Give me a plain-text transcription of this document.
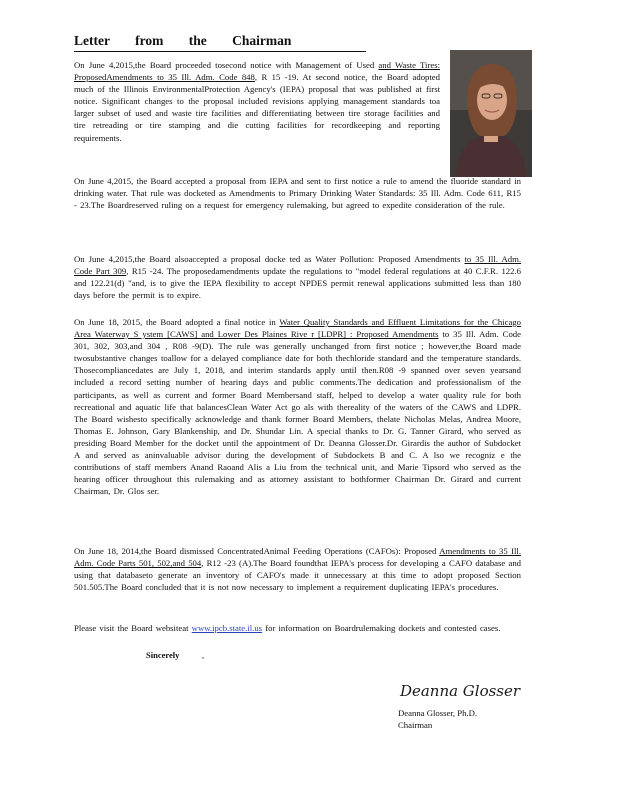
Letter from the Chairman

On June 4,2015,the Board proceeded tosecond notice with Management of Used and Waste Tires: ProposedAmendments to 35 Ill. Adm. Code 848, R 15 -19. At second notice, the Board adopted much of the Illinois EnvironmentalProtection Agency's (IEPA) proposal that was published at first notice. Significant changes to the proposal included revisions applying management standards toa larger subset of used and waste tire facilities and differentiating between tire storage facilities and tire retreading or tire stamping and die cutting facilities for recordkeeping and reporting requirements.

On June 4,2015, the Board accepted a proposal from IEPA and sent to first notice a rule to amend the fluoride standard in drinking water. That rule was docketed as Amendments to Primary Drinking Water Standards: 35 Ill. Adm. Code 611, R15 - 23.The Boardreserved ruling on a request for emergency rulemaking, but agreed to expedite consideration of the rule.

On June 4,2015,the Board alsoaccepted a proposal docke ted as Water Pollution: Proposed Amendments to 35 Ill. Adm. Code Part 309, R15 -24. The proposedamendments update the regulations to "model federal regulations at 40 C.F.R. 122.6 and 122.21(d) "and, is to give the IEPA flexibility to accept NPDES permit renewal applications submitted less than 180 days before the permit is to expire.

On June 18, 2015, the Board adopted a final notice in Water Quality Standards and Effluent Limitations for the Chicago Area Waterway S ystem [CAWS] and Lower Des Plaines Rive r [LDPR] : Proposed Amendments to 35 Ill. Adm. Code 301, 302, 303,and 304 , R08 -9(D). The rule was generally unchanged from first notice ; however,the Board made twosubstantive changes toallow for a delayed compliance date for both thechloride standard and the temperature standards. Thosecompliancedates are July 1, 2018, and interim standards apply until then.R08 -9 spanned over seven yearsand included a record setting number of hearing days and public comments.The dedication and professionalism of the participants, as well as current and former Board Membersand staff, helped to develop a water quality rule for both recreational and aquatic life that balancesClean Water Act go als with thereality of the waters of the CAWS and LDPR. The Board wishesto specifically acknowledge and thank former Board Members, thelate Nicholas Melas, Andrea Moore, Thomas E. Johnson, Gary Blankenship, and Dr. Shundar Lin. A special thanks to Dr. G. Tanner Girard, who served as presiding Board Member for the docket until the appointment of Dr. Deanna Glosser.Dr. Girardis the author of Subdocket A and served as aninvaluable advisor during the development of Subdockets B and C. A lso we recogniz e the contributions of staff members Anand Raoand Alis a Liu from the technical unit, and Marie Tipsord who served as the hearing officer throughout this rulemaking and as attorney assistant to bothformer Chairman Dr. Girard and current Chairman, Dr. Glos ser.

On June 18, 2014,the Board dismissed ConcentratedAnimal Feeding Operations (CAFOs): Proposed Amendments to 35 Ill. Adm. Code Parts 501, 502,and 504, R12 -23 (A).The Board foundthat IEPA's process for developing a CAFO database and using that databaseto generate an inventory of CAFO's made it unnecessary at this time to adopt proposed Section 501.505.The Board concluded that it is not now necessary to implement a requirement duplicating IEPA's procedures.

Please visit the Board websiteat www.ipcb.state.il.us for information on Boardrulemaking dockets and contested cases.

Sincerely	,

Deanna Glosser
Deanna Glosser, Ph.D.
Chairman
